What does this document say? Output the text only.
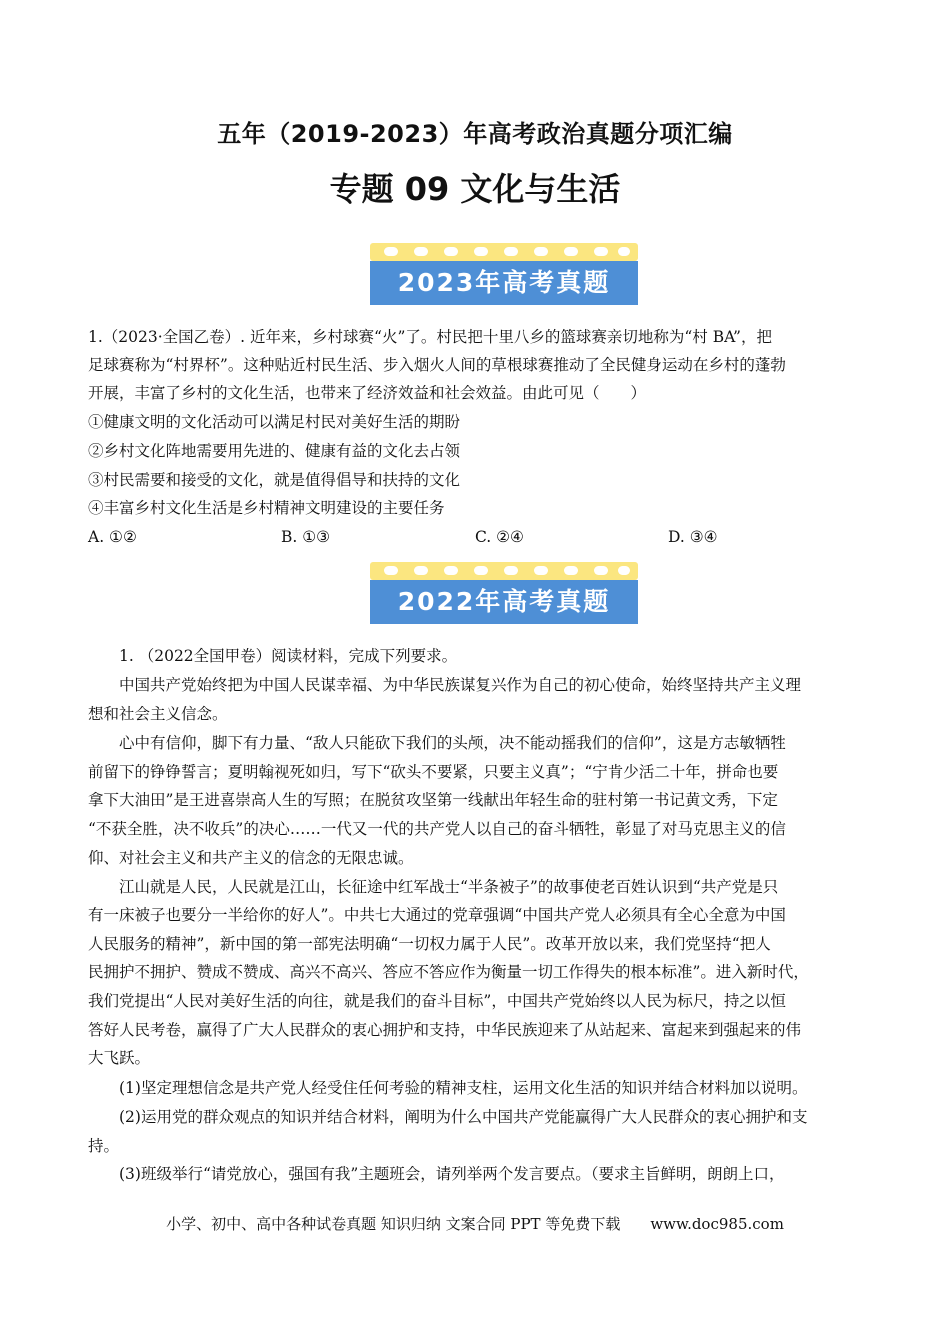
五年（2019-2023）年高考政治真题分项汇编
专题 09 文化与生活
2023年高考真题
1.（2023·全国乙卷）. 近年来，乡村球赛“火”了。村民把十里八乡的篮球赛亲切地称为“村 BA”，把
足球赛称为“村界杯”。这种贴近村民生活、步入烟火人间的草根球赛推动了全民健身运动在乡村的蓬勃
开展，丰富了乡村的文化生活，也带来了经济效益和社会效益。由此可见（　　）
①健康文明的文化活动可以满足村民对美好生活的期盼
②乡村文化阵地需要用先进的、健康有益的文化去占领
③村民需要和接受的文化，就是值得倡导和扶持的文化
④丰富乡村文化生活是乡村精神文明建设的主要任务
A. ①②	B. ①③	C. ②④	D. ③④
2022年高考真题
　　1. （2022全国甲卷）阅读材料，完成下列要求。
　　中国共产党始终把为中国人民谋幸福、为中华民族谋复兴作为自己的初心使命，始终坚持共产主义理
想和社会主义信念。
　　心中有信仰，脚下有力量、“敌人只能砍下我们的头颅，决不能动摇我们的信仰”，这是方志敏牺牲
前留下的铮铮誓言；夏明翰视死如归，写下“砍头不要紧，只要主义真”；“宁肯少活二十年，拼命也要
拿下大油田”是王进喜崇高人生的写照；在脱贫攻坚第一线献出年轻生命的驻村第一书记黄文秀，下定
“不获全胜，决不收兵”的决心……一代又一代的共产党人以自己的奋斗牺牲，彰显了对马克思主义的信
仰、对社会主义和共产主义的信念的无限忠诚。
　　江山就是人民，人民就是江山，长征途中红军战士“半条被子”的故事使老百姓认识到“共产党是只
有一床被子也要分一半给你的好人”。中共七大通过的党章强调“中国共产党人必须具有全心全意为中国
人民服务的精神”，新中国的第一部宪法明确“一切权力属于人民”。改革开放以来，我们党坚持“把人
民拥护不拥护、赞成不赞成、高兴不高兴、答应不答应作为衡量一切工作得失的根本标准”。进入新时代，
我们党提出“人民对美好生活的向往，就是我们的奋斗目标”，中国共产党始终以人民为标尺，持之以恒
答好人民考卷，赢得了广大人民群众的衷心拥护和支持，中华民族迎来了从站起来、富起来到强起来的伟
大飞跃。
　　(1)坚定理想信念是共产党人经受住任何考验的精神支柱，运用文化生活的知识并结合材料加以说明。
　　(2)运用党的群众观点的知识并结合材料，阐明为什么中国共产党能赢得广大人民群众的衷心拥护和支
持。
　　(3)班级举行“请党放心，强国有我”主题班会，请列举两个发言要点。（要求主旨鲜明，朗朗上口，
小学、初中、高中各种试卷真题 知识归纳 文案合同 PPT 等免费下载 www.doc985.com
